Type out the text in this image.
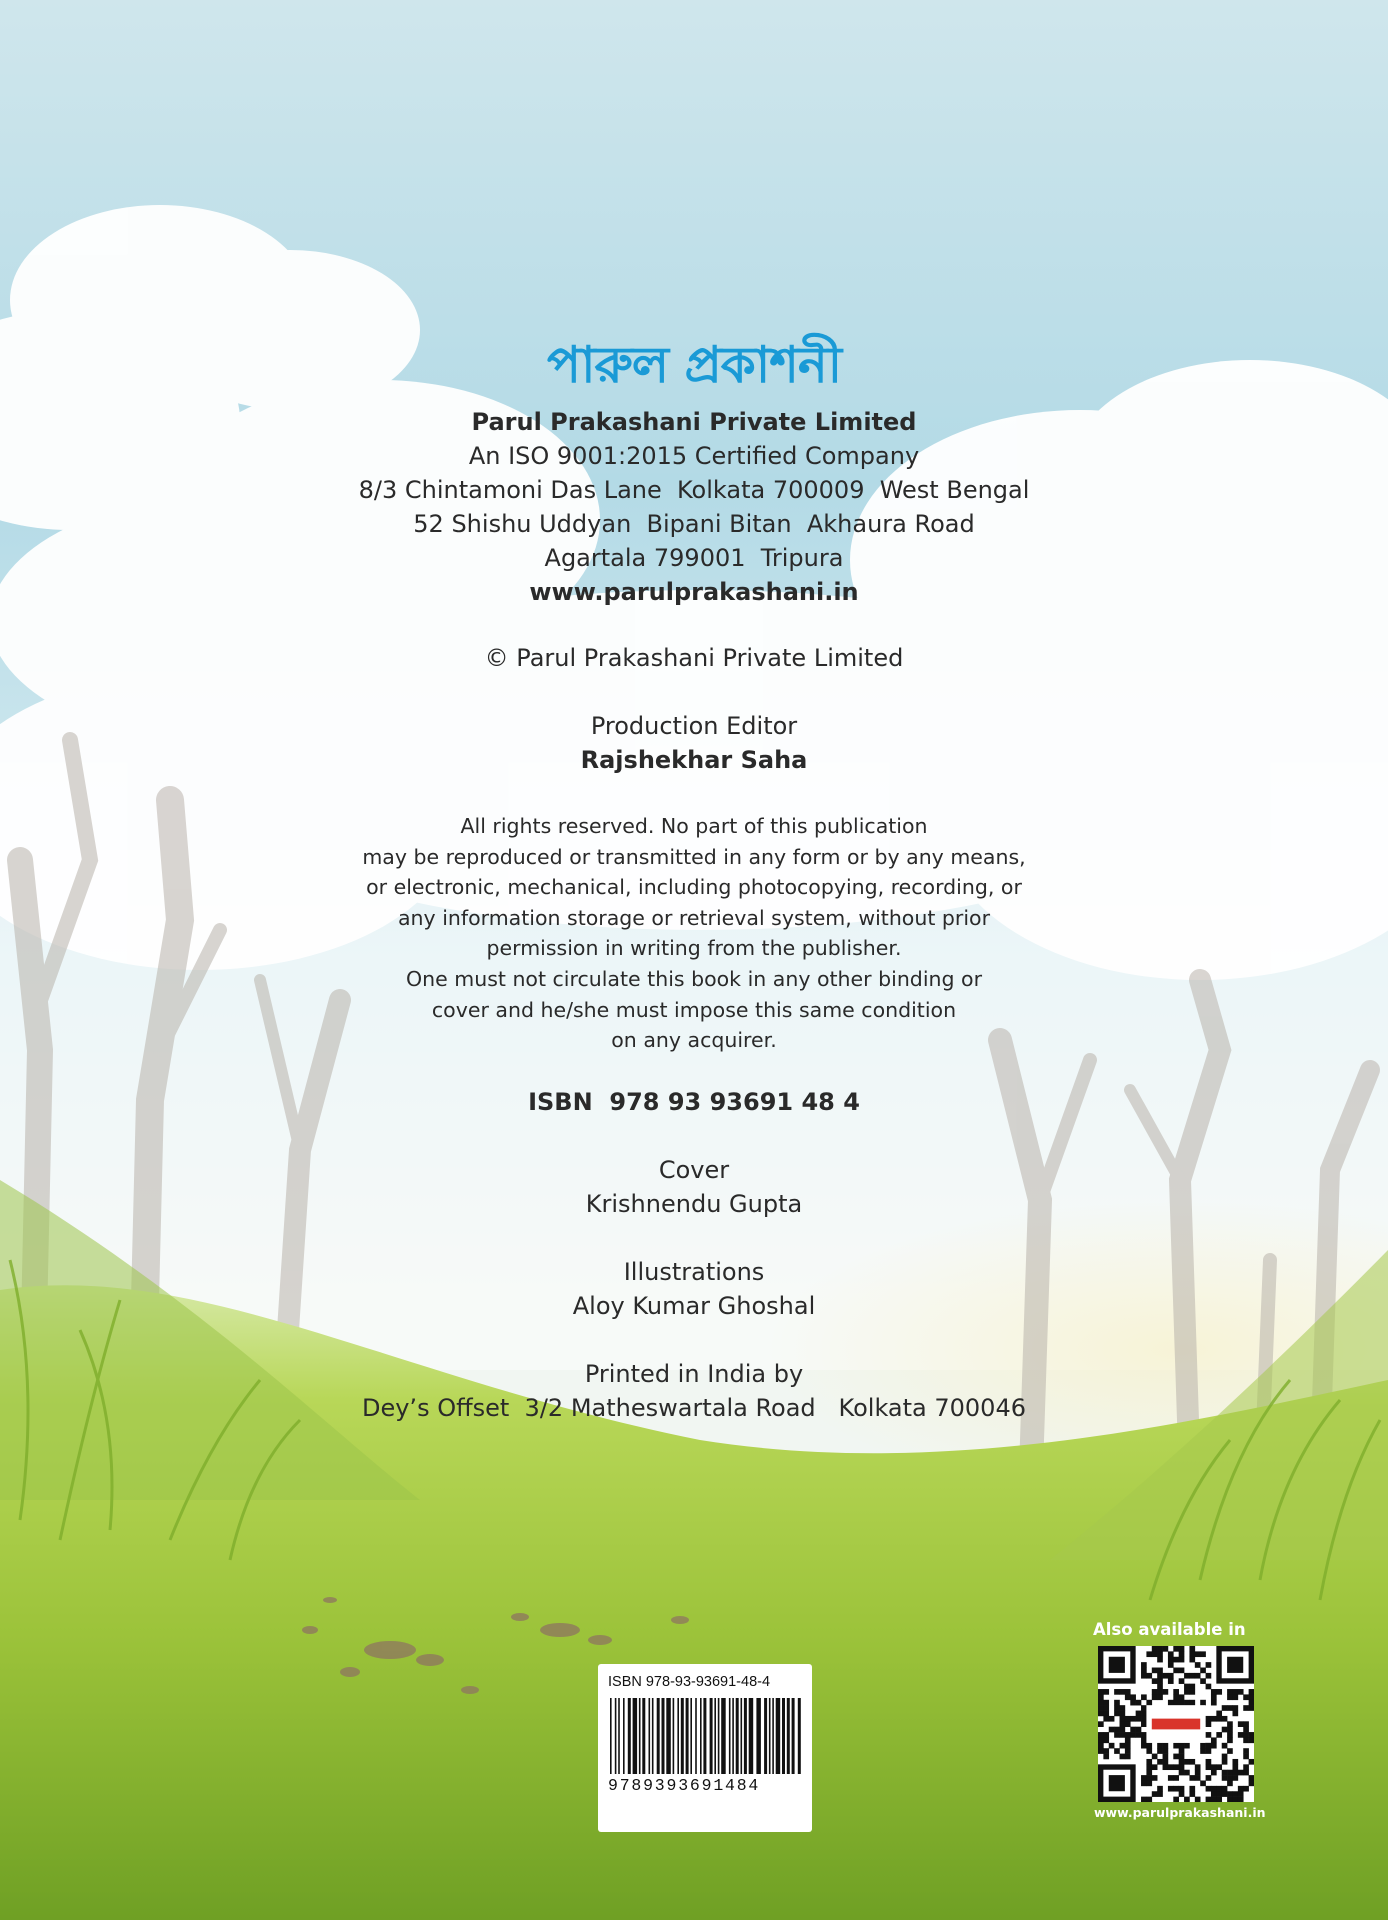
পারুল প্রকাশনী
Parul Prakashani Private Limited
An ISO 9001:2015 Certified Company
8/3 Chintamoni Das Lane  Kolkata 700009  West Bengal
52 Shishu Uddyan  Bipani Bitan  Akhaura Road
Agartala 799001  Tripura
www.parulprakashani.in
© Parul Prakashani Private Limited
Production Editor
Rajshekhar Saha
All rights reserved. No part of this publication
may be reproduced or transmitted in any form or by any means,
or electronic, mechanical, including photocopying, recording, or
any information storage or retrieval system, without prior
permission in writing from the publisher.
One must not circulate this book in any other binding or
cover and he/she must impose this same condition
on any acquirer.
ISBN  978 93 93691 48 4
Cover
Krishnendu Gupta
Illustrations
Aloy Kumar Ghoshal
Printed in India by
Dey’s Offset  3/2 Matheswartala Road   Kolkata 700046
ISBN 978-93-93691-48-4
9789393691484
Also available in
www.parulprakashani.in
